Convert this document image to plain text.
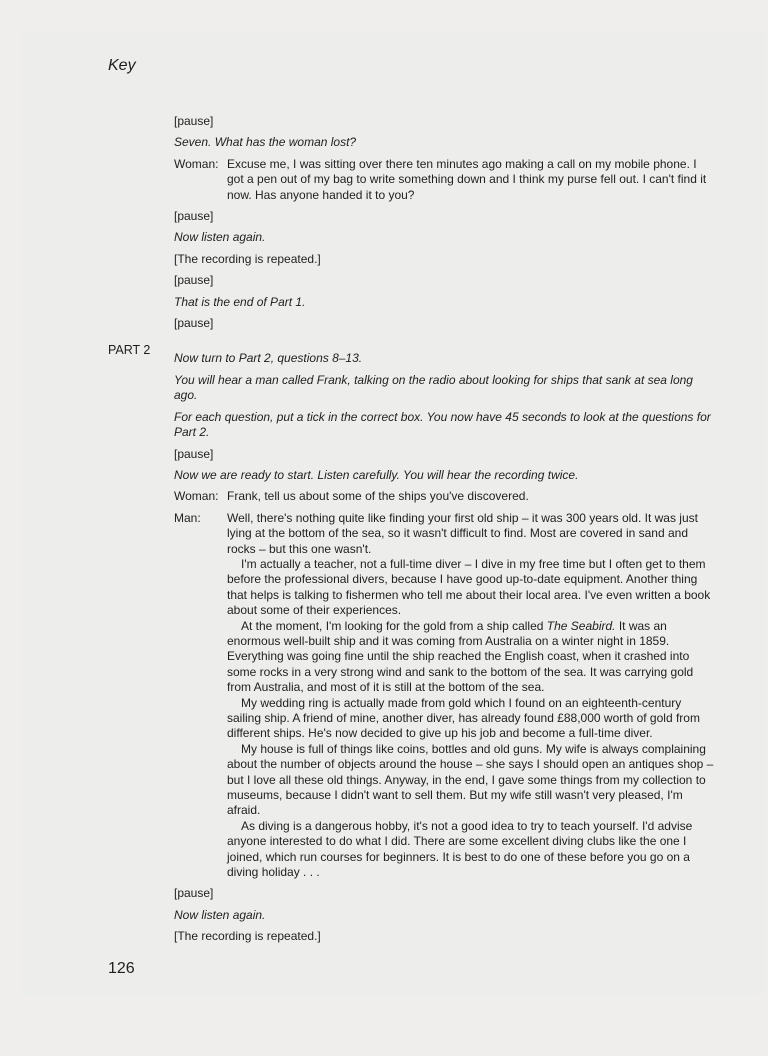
Key
PART 2

[pause]

Seven. What has the woman lost?

Woman: Excuse me, I was sitting over there ten minutes ago making a call on my mobile phone. I got a pen out of my bag to write something down and I think my purse fell out. I can't find it now. Has anyone handed it to you?

[pause]

Now listen again.

[The recording is repeated.]

[pause]

That is the end of Part 1.

[pause]

Now turn to Part 2, questions 8–13.

You will hear a man called Frank, talking on the radio about looking for ships that sank at sea long ago.

For each question, put a tick in the correct box. You now have 45 seconds to look at the questions for Part 2.

[pause]

Now we are ready to start. Listen carefully. You will hear the recording twice.

Woman: Frank, tell us about some of the ships you've discovered.
Man:	Well, there's nothing quite like finding your first old ship – it was 300 years old. It was just lying at the bottom of the sea, so it wasn't difficult to find. Most are covered in sand and rocks – but this one wasn't.

I'm actually a teacher, not a full-time diver – I dive in my free time but I often get to them before the professional divers, because I have good up-to-date equipment. Another thing that helps is talking to fishermen who tell me about their local area. I've even written a book about some of their experiences.

At the moment, I'm looking for the gold from a ship called The Seabird. It was an enormous well-built ship and it was coming from Australia on a winter night in 1859. Everything was going fine until the ship reached the English coast, when it crashed into some rocks in a very strong wind and sank to the bottom of the sea. It was carrying gold from Australia, and most of it is still at the bottom of the sea.

My wedding ring is actually made from gold which I found on an eighteenth-century sailing ship. A friend of mine, another diver, has already found £88,000 worth of gold from different ships. He's now decided to give up his job and become a full-time diver.

My house is full of things like coins, bottles and old guns. My wife is always complaining about the number of objects around the house – she says I should open an antiques shop – but I love all these old things. Anyway, in the end, I gave some things from my collection to museums, because I didn't want to sell them. But my wife still wasn't very pleased, I'm afraid.

As diving is a dangerous hobby, it's not a good idea to try to teach yourself. I'd advise anyone interested to do what I did. There are some excellent diving clubs like the one I joined, which run courses for beginners. It is best to do one of these before you go on a diving holiday . . .

[pause]

Now listen again.

[The recording is repeated.]

126
